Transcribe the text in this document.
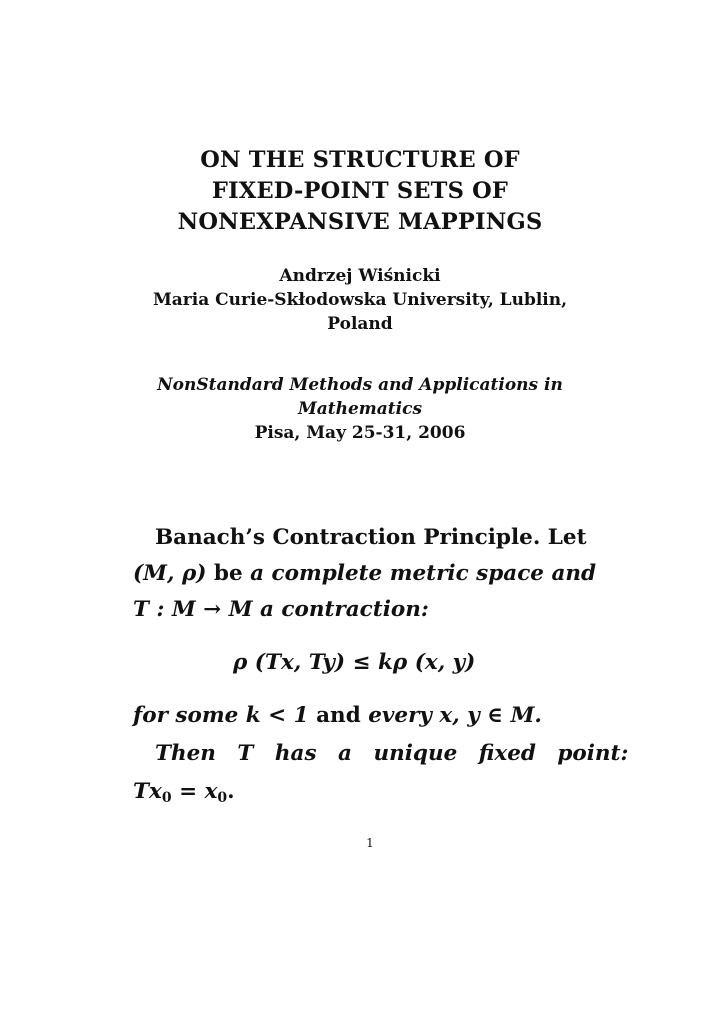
ON THE STRUCTURE OF
FIXED-POINT SETS OF
NONEXPANSIVE MAPPINGS
Andrzej Wiśnicki
Maria Curie-Skłodowska University, Lublin,
Poland
NonStandard Methods and Applications in
Mathematics
Pisa, May 25-31, 2006
Banach’s Contraction Principle. Let
(M, ρ) be a complete metric space and
T : M → M a contraction:
ρ (Tx, Ty) ≤ kρ (x, y)
for some k < 1 and every x, y ∈ M.
Then T has a unique fixed point:
$Tx_0 = x_0$.
1
